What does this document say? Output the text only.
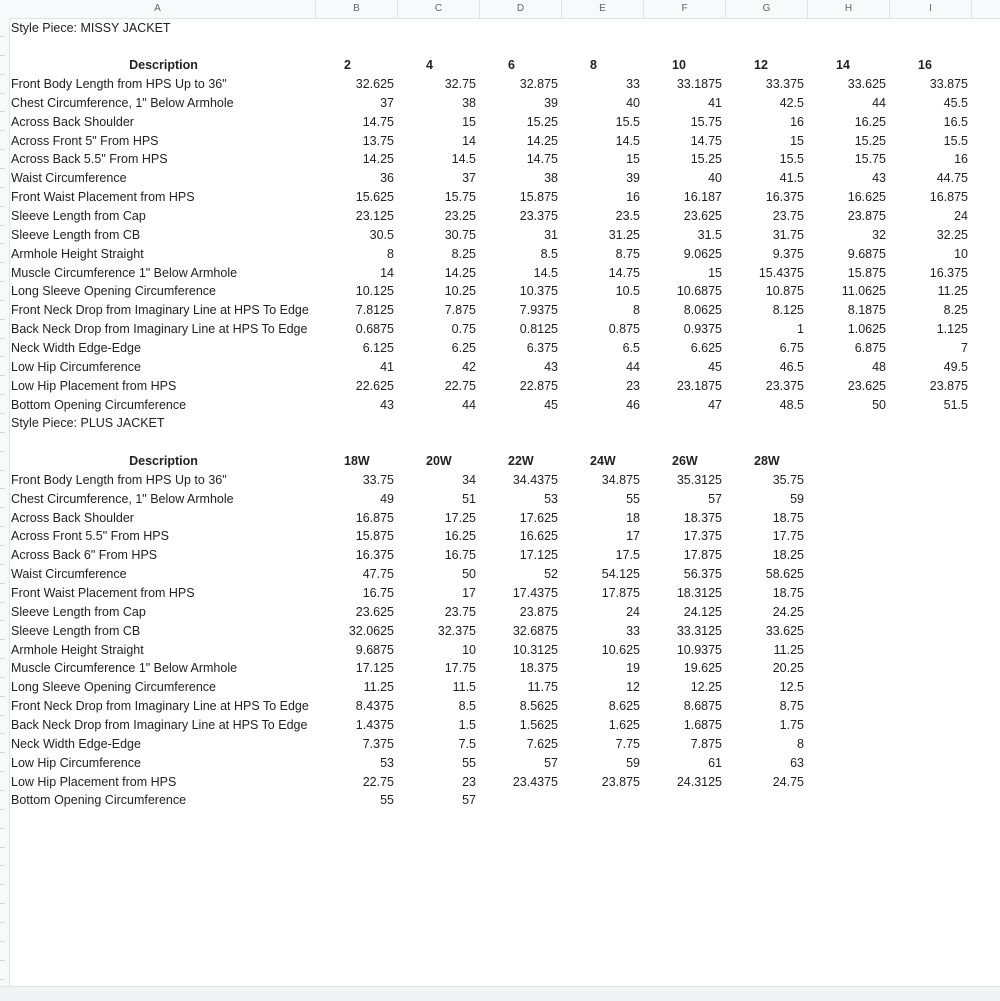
A	B	C	D	E	F	G	H	I
Style Piece: MISSY JACKET
Description	2	4	6	8	10	12	14	16
Front Body Length from HPS Up to 36"	32.625	32.75	32.875	33	33.1875	33.375	33.625	33.875
Chest Circumference, 1" Below Armhole	37	38	39	40	41	42.5	44	45.5
Across Back Shoulder	14.75	15	15.25	15.5	15.75	16	16.25	16.5
Across Front 5" From HPS	13.75	14	14.25	14.5	14.75	15	15.25	15.5
Across Back 5.5" From HPS	14.25	14.5	14.75	15	15.25	15.5	15.75	16
Waist Circumference	36	37	38	39	40	41.5	43	44.75
Front Waist Placement from HPS	15.625	15.75	15.875	16	16.187	16.375	16.625	16.875
Sleeve Length from Cap	23.125	23.25	23.375	23.5	23.625	23.75	23.875	24
Sleeve Length from CB	30.5	30.75	31	31.25	31.5	31.75	32	32.25
Armhole Height Straight	8	8.25	8.5	8.75	9.0625	9.375	9.6875	10
Muscle Circumference 1" Below Armhole	14	14.25	14.5	14.75	15	15.4375	15.875	16.375
Long Sleeve Opening Circumference	10.125	10.25	10.375	10.5	10.6875	10.875	11.0625	11.25
Front Neck Drop from Imaginary Line at HPS To Edge	7.8125	7.875	7.9375	8	8.0625	8.125	8.1875	8.25
Back Neck Drop from Imaginary Line at HPS To Edge	0.6875	0.75	0.8125	0.875	0.9375	1	1.0625	1.125
Neck Width Edge-Edge	6.125	6.25	6.375	6.5	6.625	6.75	6.875	7
Low Hip Circumference	41	42	43	44	45	46.5	48	49.5
Low Hip Placement from HPS	22.625	22.75	22.875	23	23.1875	23.375	23.625	23.875
Bottom Opening Circumference	43	44	45	46	47	48.5	50	51.5
Style Piece: PLUS JACKET
Description	18W	20W	22W	24W	26W	28W
Front Body Length from HPS Up to 36"	33.75	34	34.4375	34.875	35.3125	35.75
Chest Circumference, 1" Below Armhole	49	51	53	55	57	59
Across Back Shoulder	16.875	17.25	17.625	18	18.375	18.75
Across Front 5.5" From HPS	15.875	16.25	16.625	17	17.375	17.75
Across Back 6" From HPS	16.375	16.75	17.125	17.5	17.875	18.25
Waist Circumference	47.75	50	52	54.125	56.375	58.625
Front Waist Placement from HPS	16.75	17	17.4375	17.875	18.3125	18.75
Sleeve Length from Cap	23.625	23.75	23.875	24	24.125	24.25
Sleeve Length from CB	32.0625	32.375	32.6875	33	33.3125	33.625
Armhole Height Straight	9.6875	10	10.3125	10.625	10.9375	11.25
Muscle Circumference 1" Below Armhole	17.125	17.75	18.375	19	19.625	20.25
Long Sleeve Opening Circumference	11.25	11.5	11.75	12	12.25	12.5
Front Neck Drop from Imaginary Line at HPS To Edge	8.4375	8.5	8.5625	8.625	8.6875	8.75
Back Neck Drop from Imaginary Line at HPS To Edge	1.4375	1.5	1.5625	1.625	1.6875	1.75
Neck Width Edge-Edge	7.375	7.5	7.625	7.75	7.875	8
Low Hip Circumference	53	55	57	59	61	63
Low Hip Placement from HPS	22.75	23	23.4375	23.875	24.3125	24.75
Bottom Opening Circumference	55	57
